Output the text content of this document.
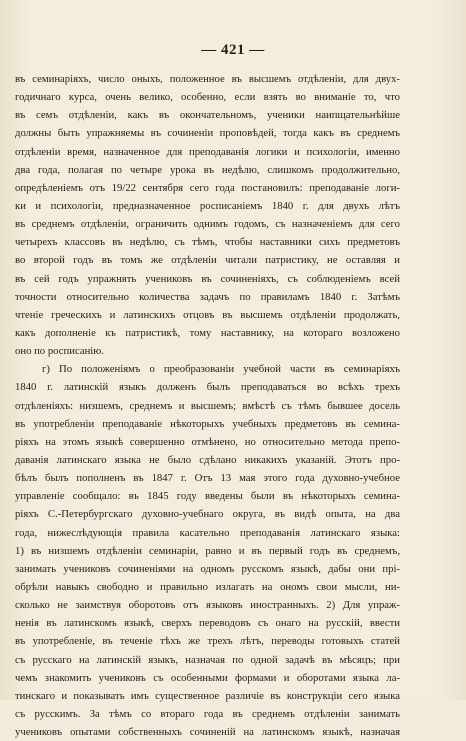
— 421 —
въ семинаріяхъ, число оныхъ, положенное въ высшемъ отдѣленіи, для двух-
годичнаго курса, очень велико, особенно, если взять во вниманіе то, что
въ семъ отдѣленіи, какъ въ окончательномъ, ученики наипщательнѣйше
должны быть упражняемы въ сочиненіи проповѣдей, тогда какъ въ среднемъ
отдѣленіи время, назначенное для преподаванія логики и психологіи, именно
два года, полагая по четыре урока въ недѣлю, слишкомъ продолжительно,
опредѣленіемъ отъ 19/22 сентября сего года постановилъ: преподаваніе логи-
ки и психологіи, предназначенное росписаніемъ 1840 г. для двухъ лѣтъ
въ среднемъ отдѣленіи, ограничить однимъ годомъ, съ назначеніемъ для сего
четырехъ классовъ въ недѣлю, съ тѣмъ, чтобы наставники сихъ предметовъ
во второй годъ въ томъ же отдѣленіи читали патристику, не оставляя и
въ сей годъ упражнять учениковъ въ сочиненіяхъ, съ соблюденіемъ всей
точности относительно количества задачъ по правиламъ 1840 г. Затѣмъ
чтеніе греческихъ и латинскихъ отцовъ въ высшемъ отдѣленіи продолжать,
какъ дополненіе къ патристикѣ, тому наставнику, на котораго возложено
оно по росписанію.
г) По положеніямъ о преобразованіи учебной части въ семинаріяхъ
1840 г. латинскій языкъ долженъ былъ преподаваться во всѣхъ трехъ
отдѣленіяхъ: низшемъ, среднемъ и высшемъ; вмѣстѣ съ тѣмъ бывшее досель
въ употребленіи преподаваніе нѣкоторыхъ учебныхъ предметовъ въ семина-
ріяхъ на этомъ языкѣ совершенно отмѣнено, но относительно метода препо-
даванія латинскаго языка не было сдѣлано никакихъ указаній. Этотъ про-
бѣлъ былъ пополненъ въ 1847 г. Отъ 13 мая этого года духовно-учебное
управленіе сообщало: въ 1845 году введены были въ нѣкоторыхъ семина-
ріяхъ С.-Петербургскаго духовно-учебнаго округа, въ видѣ опыта, на два
года, нижеслѣдующія правила касательно преподаванія латинскаго языка:
1) въ низшемъ отдѣленіи семинаріи, равно и въ первый годъ въ среднемъ,
занимать учениковъ сочиненіями на одномъ русскомъ языкѣ, дабы они прі-
обрѣли навыкъ свободно и правильно излагать на ономъ свои мысли, ни-
сколько не заимствуя оборотовъ отъ языковъ иностранныхъ. 2) Для упраж-
ненія въ латинскомъ языкѣ, сверхъ переводовъ съ онаго на русскій, ввести
въ употребленіе, въ теченіе тѣхъ же трехъ лѣтъ, переводы готовыхъ статей
съ русскаго на латинскій языкъ, назначая по одной задачѣ въ мѣсяцъ; при
чемъ знакомить учениковъ съ особенными формами и оборотами языка ла-
тинскаго и показывать имъ существенное различіе въ конструкціи сего языка
съ русскимъ. За тѣмъ со втораго года въ среднемъ отдѣленіи занимать
учениковъ опытами собственныхъ сочиненій на латинскомъ языкѣ, назначая
